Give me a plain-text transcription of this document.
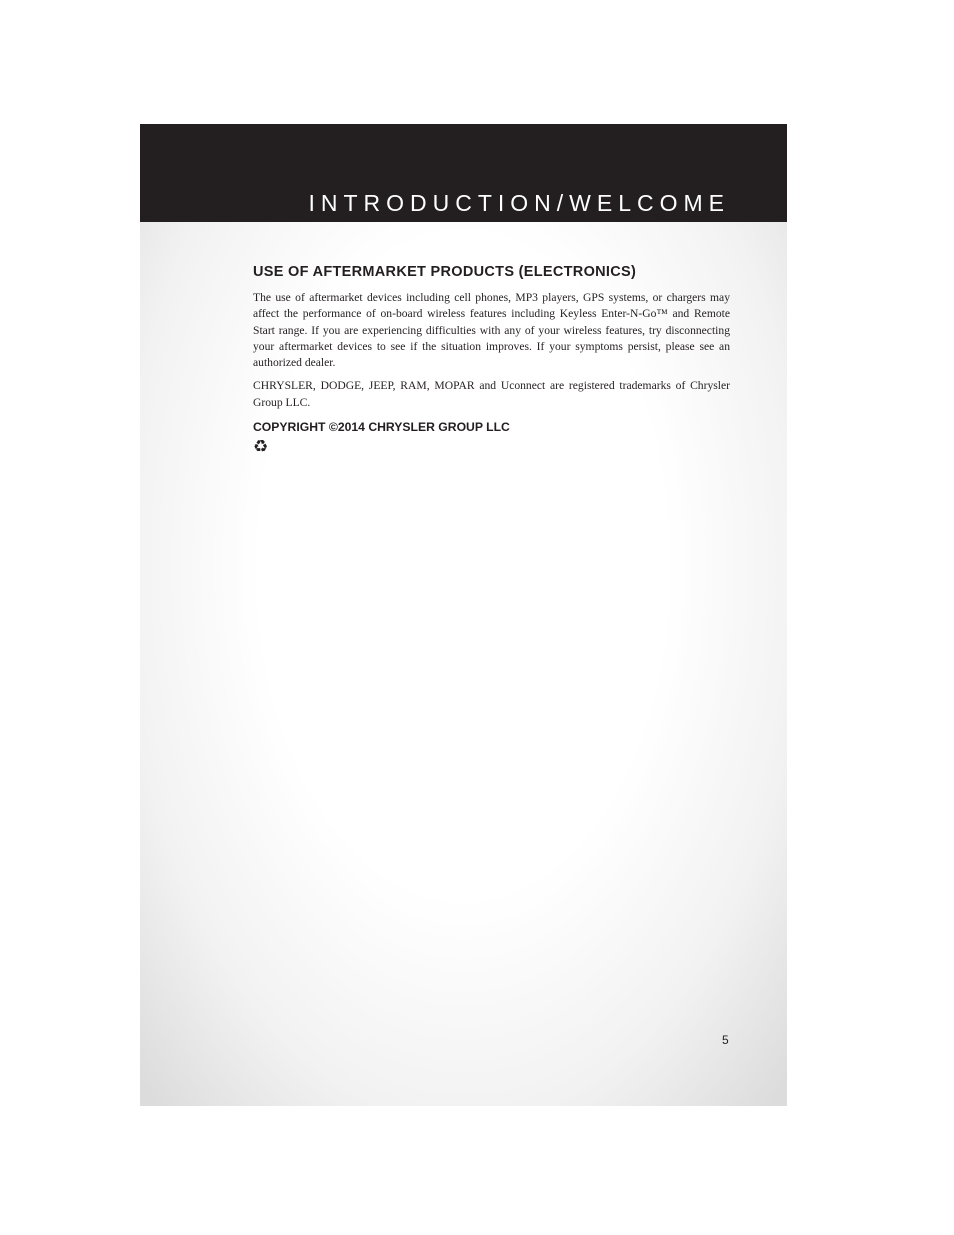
INTRODUCTION/WELCOME
USE OF AFTERMARKET PRODUCTS (ELECTRONICS)

The use of aftermarket devices including cell phones, MP3 players, GPS systems, or chargers may affect the performance of on-board wireless features including Keyless Enter-N-Go™ and Remote Start range. If you are experiencing difficulties with any of your wireless features, try disconnecting your aftermarket devices to see if the situation improves. If your symptoms persist, please see an authorized dealer.

CHRYSLER, DODGE, JEEP, RAM, MOPAR and Uconnect are registered trademarks of Chrysler Group LLC.

COPYRIGHT ©2014 CHRYSLER GROUP LLC
♻
5
